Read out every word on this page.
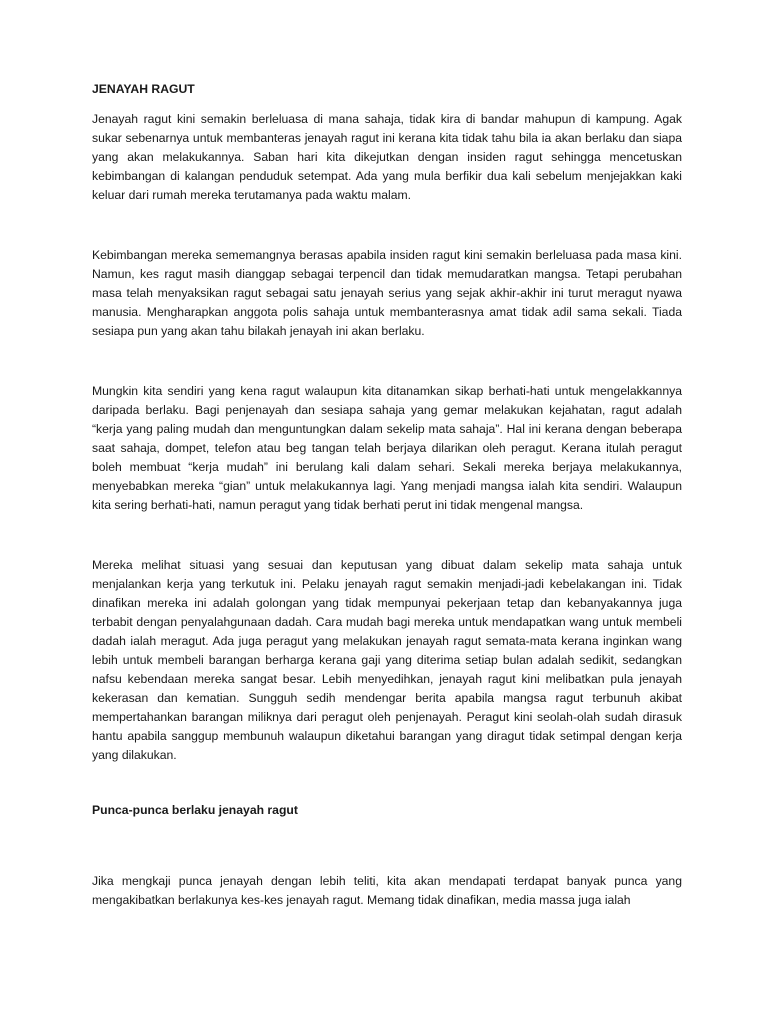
JENAYAH RAGUT

Jenayah ragut kini semakin berleluasa di mana sahaja, tidak kira di bandar mahupun di kampung. Agak sukar sebenarnya untuk membanteras jenayah ragut ini kerana kita tidak tahu bila ia akan berlaku dan siapa yang akan melakukannya. Saban hari kita dikejutkan dengan insiden ragut sehingga mencetuskan kebimbangan di kalangan penduduk setempat. Ada yang mula berfikir dua kali sebelum menjejakkan kaki keluar dari rumah mereka terutamanya pada waktu malam.

Kebimbangan mereka sememangnya berasas apabila insiden ragut kini semakin berleluasa pada masa kini. Namun, kes ragut masih dianggap sebagai terpencil dan tidak memudaratkan mangsa. Tetapi perubahan masa telah menyaksikan ragut sebagai satu jenayah serius yang sejak akhir-akhir ini turut meragut nyawa manusia. Mengharapkan anggota polis sahaja untuk membanterasnya amat tidak adil sama sekali. Tiada sesiapa pun yang akan tahu bilakah jenayah ini akan berlaku.

Mungkin kita sendiri yang kena ragut walaupun kita ditanamkan sikap berhati-hati untuk mengelakkannya daripada berlaku. Bagi penjenayah dan sesiapa sahaja yang gemar melakukan kejahatan, ragut adalah “kerja yang paling mudah dan menguntungkan dalam sekelip mata sahaja”. Hal ini kerana dengan beberapa saat sahaja, dompet, telefon atau beg tangan telah berjaya dilarikan oleh peragut. Kerana itulah peragut boleh membuat “kerja mudah” ini berulang kali dalam sehari. Sekali mereka berjaya melakukannya, menyebabkan mereka “gian” untuk melakukannya lagi. Yang menjadi mangsa ialah kita sendiri. Walaupun kita sering berhati-hati, namun peragut yang tidak berhati perut ini tidak mengenal mangsa.

Mereka melihat situasi yang sesuai dan keputusan yang dibuat dalam sekelip mata sahaja untuk menjalankan kerja yang terkutuk ini. Pelaku jenayah ragut semakin menjadi-jadi kebelakangan ini. Tidak dinafikan mereka ini adalah golongan yang tidak mempunyai pekerjaan tetap dan kebanyakannya juga terbabit dengan penyalahgunaan dadah. Cara mudah bagi mereka untuk mendapatkan wang untuk membeli dadah ialah meragut. Ada juga peragut yang melakukan jenayah ragut semata-mata kerana inginkan wang lebih untuk membeli barangan berharga kerana gaji yang diterima setiap bulan adalah sedikit, sedangkan nafsu kebendaan mereka sangat besar. Lebih menyedihkan, jenayah ragut kini melibatkan pula jenayah kekerasan dan kematian. Sungguh sedih mendengar berita apabila mangsa ragut terbunuh akibat mempertahankan barangan miliknya dari peragut oleh penjenayah. Peragut kini seolah-olah sudah dirasuk hantu apabila sanggup membunuh walaupun diketahui barangan yang diragut tidak setimpal dengan kerja yang dilakukan.

Punca-punca berlaku jenayah ragut

Jika mengkaji punca jenayah dengan lebih teliti, kita akan mendapati terdapat banyak punca yang mengakibatkan berlakunya kes-kes jenayah ragut. Memang tidak dinafikan, media massa juga ialah
